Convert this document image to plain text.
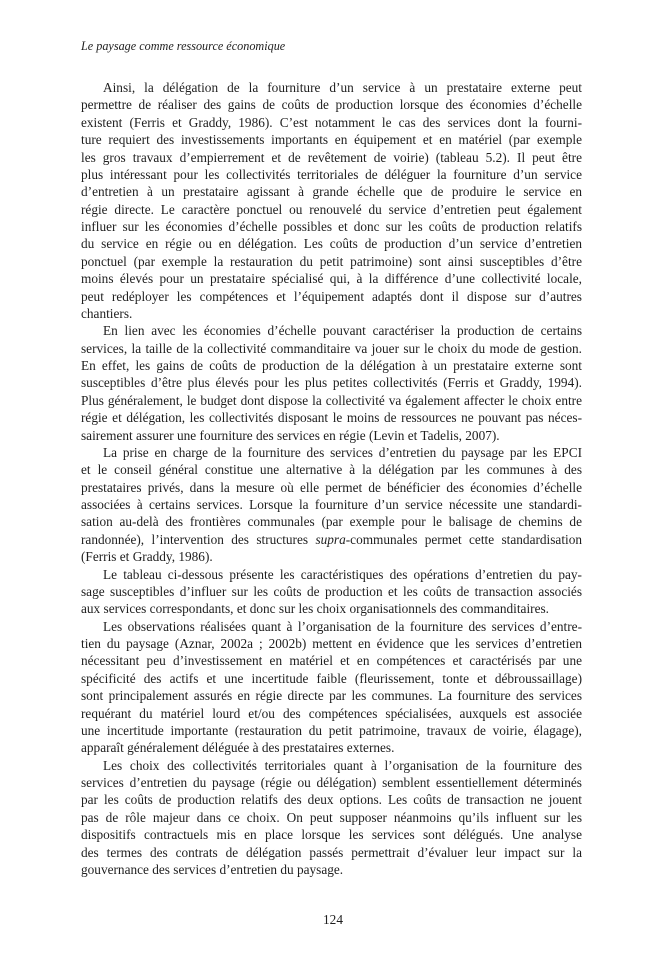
Le paysage comme ressource économique
Ainsi, la délégation de la fourniture d’un service à un prestataire externe peut
permettre de réaliser des gains de coûts de production lorsque des économies d’échelle
existent (Ferris et Graddy, 1986). C’est notamment le cas des services dont la fourni-
ture requiert des investissements importants en équipement et en matériel (par exemple
les gros travaux d’empierrement et de revêtement de voirie) (tableau 5.2). Il peut être
plus intéressant pour les collectivités territoriales de déléguer la fourniture d’un service
d’entretien à un prestataire agissant à grande échelle que de produire le service en
régie directe. Le caractère ponctuel ou renouvelé du service d’entretien peut également
influer sur les économies d’échelle possibles et donc sur les coûts de production relatifs
du service en régie ou en délégation. Les coûts de production d’un service d’entretien
ponctuel (par exemple la restauration du petit patrimoine) sont ainsi susceptibles d’être
moins élevés pour un prestataire spécialisé qui, à la différence d’une collectivité locale,
peut redéployer les compétences et l’équipement adaptés dont il dispose sur d’autres
chantiers.
En lien avec les économies d’échelle pouvant caractériser la production de certains
services, la taille de la collectivité commanditaire va jouer sur le choix du mode de gestion.
En effet, les gains de coûts de production de la délégation à un prestataire externe sont
susceptibles d’être plus élevés pour les plus petites collectivités (Ferris et Graddy, 1994).
Plus généralement, le budget dont dispose la collectivité va également affecter le choix entre
régie et délégation, les collectivités disposant le moins de ressources ne pouvant pas néces-
sairement assurer une fourniture des services en régie (Levin et Tadelis, 2007).
La prise en charge de la fourniture des services d’entretien du paysage par les EPCI
et le conseil général constitue une alternative à la délégation par les communes à des
prestataires privés, dans la mesure où elle permet de bénéficier des économies d’échelle
associées à certains services. Lorsque la fourniture d’un service nécessite une standardi-
sation au-delà des frontières communales (par exemple pour le balisage de chemins de
randonnée), l’intervention des structures supra-communales permet cette standardisation
(Ferris et Graddy, 1986).
Le tableau ci-dessous présente les caractéristiques des opérations d’entretien du pay-
sage susceptibles d’influer sur les coûts de production et les coûts de transaction associés
aux services correspondants, et donc sur les choix organisationnels des commanditaires.
Les observations réalisées quant à l’organisation de la fourniture des services d’entre-
tien du paysage (Aznar, 2002a ; 2002b) mettent en évidence que les services d’entretien
nécessitant peu d’investissement en matériel et en compétences et caractérisés par une
spécificité des actifs et une incertitude faible (fleurissement, tonte et débroussaillage)
sont principalement assurés en régie directe par les communes. La fourniture des services
requérant du matériel lourd et/ou des compétences spécialisées, auxquels est associée
une incertitude importante (restauration du petit patrimoine, travaux de voirie, élagage),
apparaît généralement déléguée à des prestataires externes.
Les choix des collectivités territoriales quant à l’organisation de la fourniture des
services d’entretien du paysage (régie ou délégation) semblent essentiellement déterminés
par les coûts de production relatifs des deux options. Les coûts de transaction ne jouent
pas de rôle majeur dans ce choix. On peut supposer néanmoins qu’ils influent sur les
dispositifs contractuels mis en place lorsque les services sont délégués. Une analyse
des termes des contrats de délégation passés permettrait d’évaluer leur impact sur la
gouvernance des services d’entretien du paysage.
124
